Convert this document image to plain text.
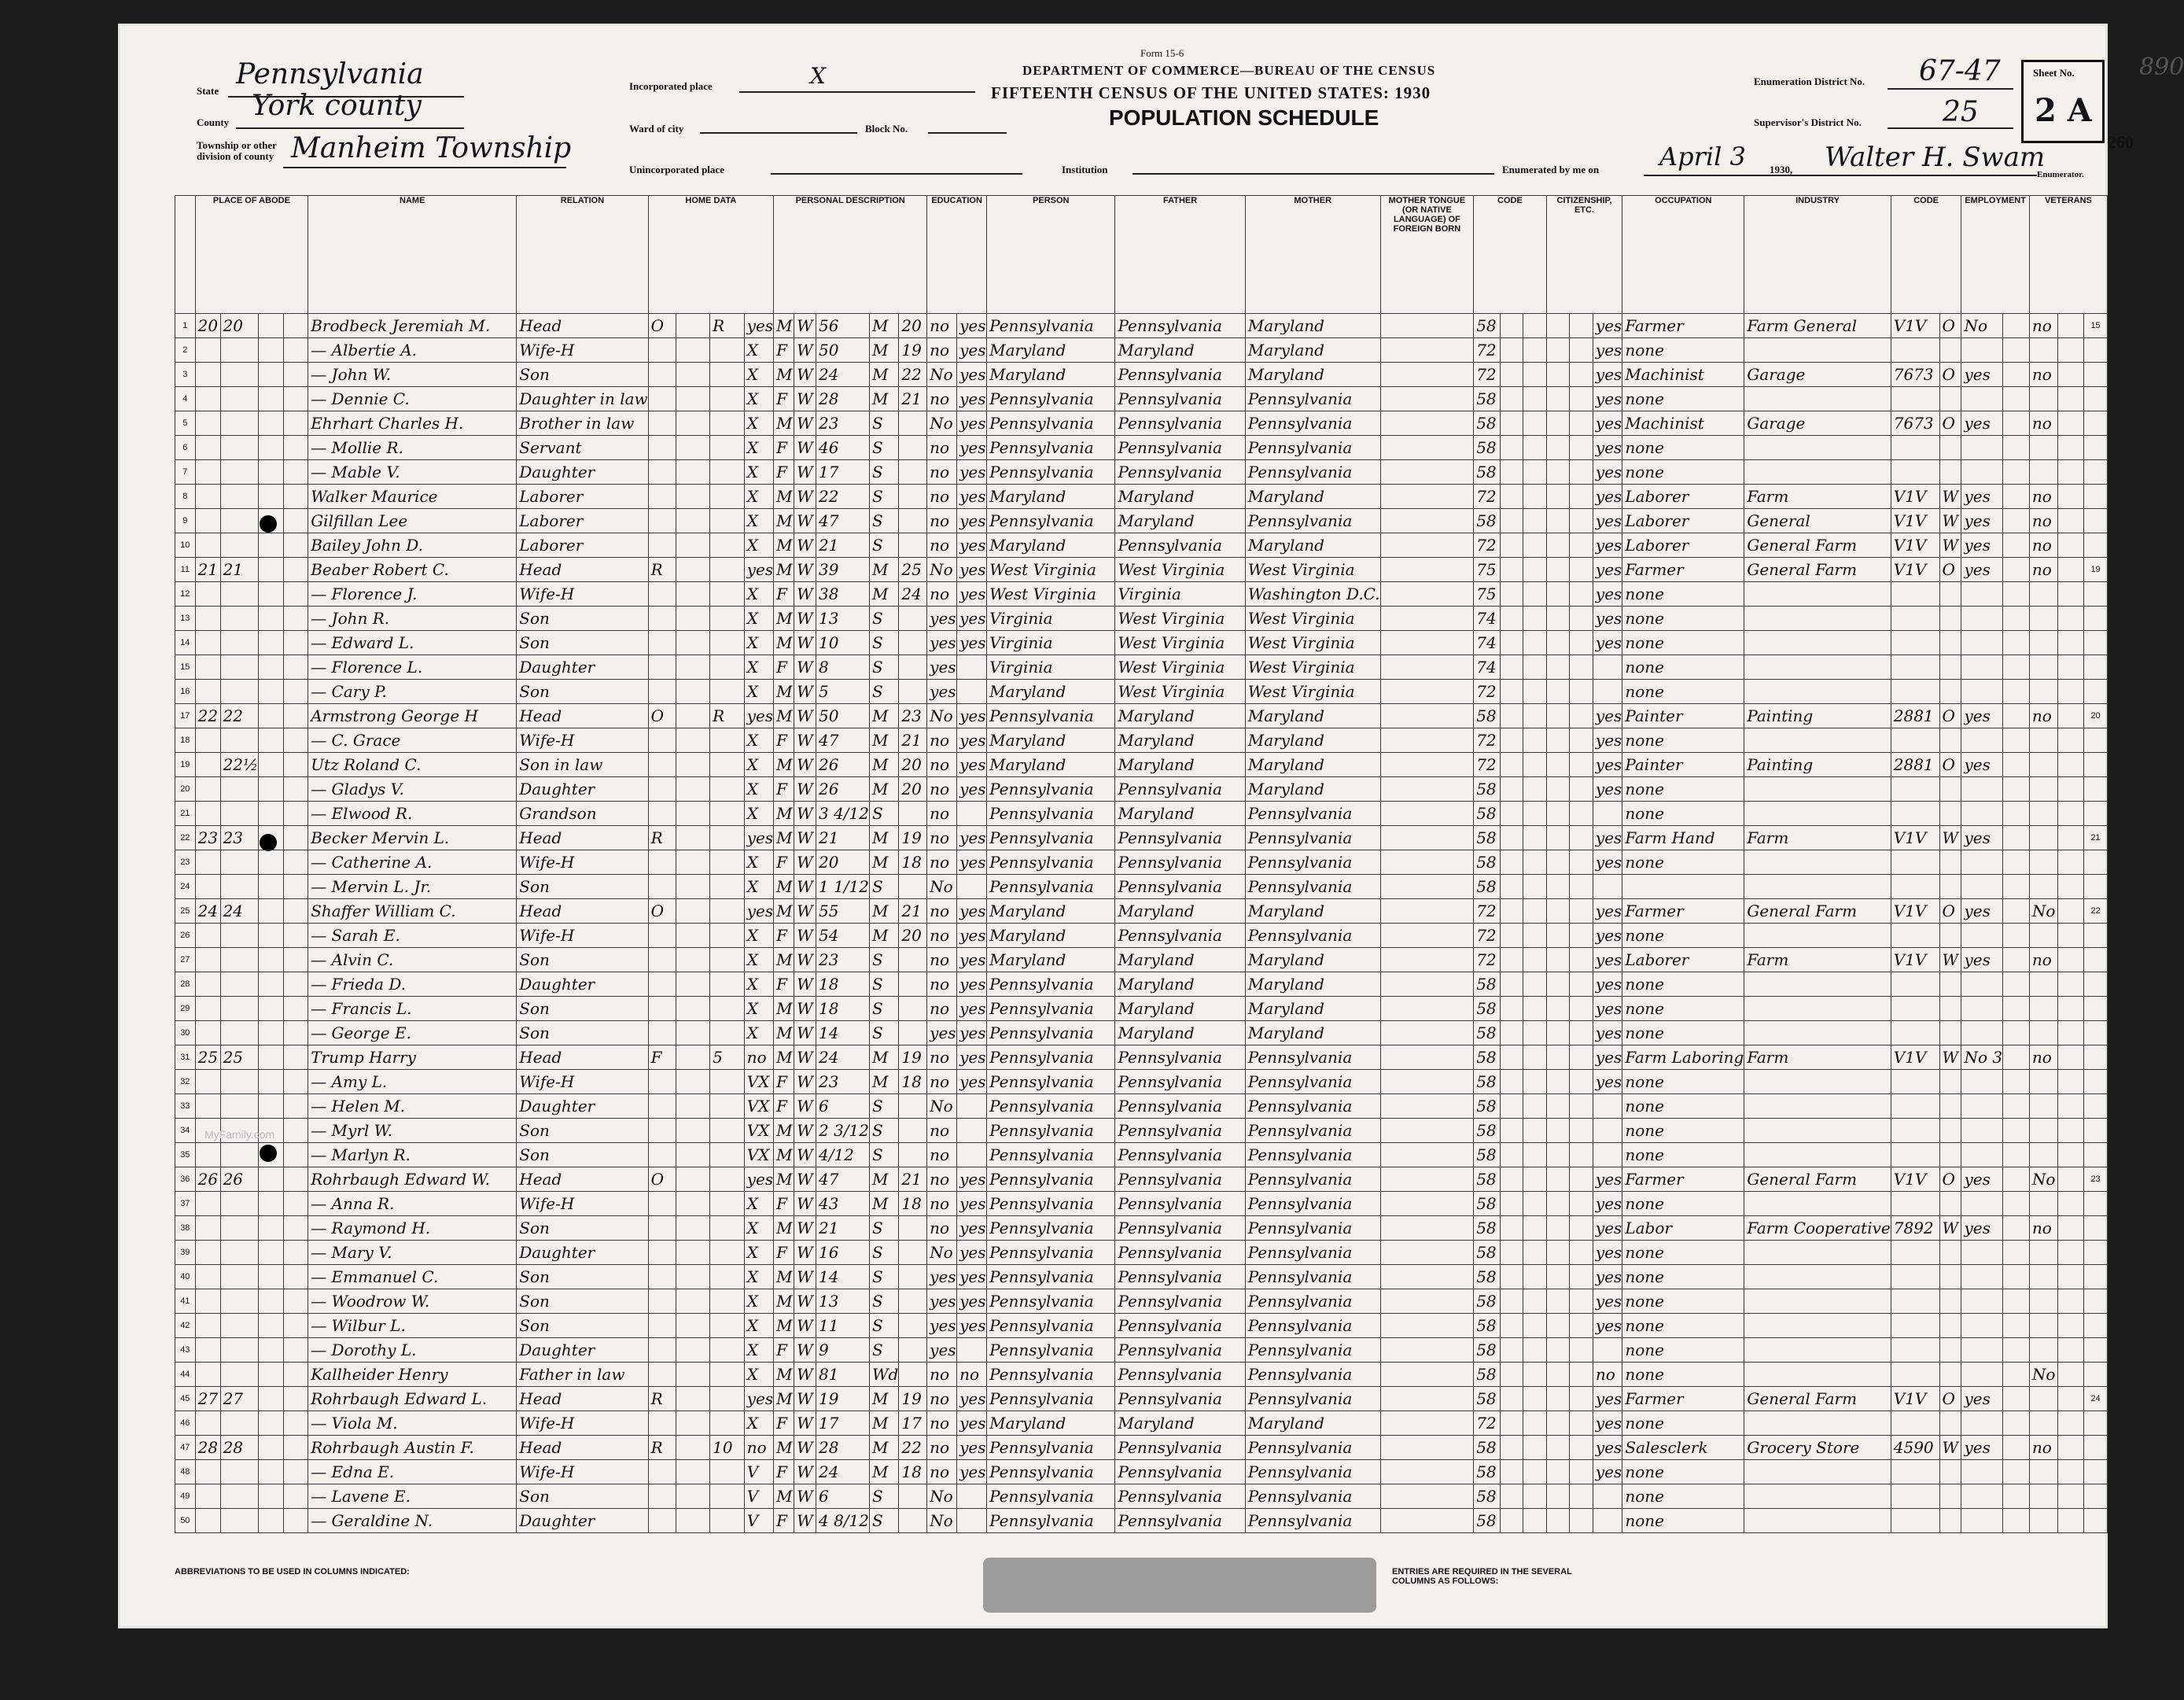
890
260
State
Pennsylvania
County
York county
Township or other division of county Manheim Township
Incorporated place	X
Ward of city	Block No.
Unincorporated place	Institution
Form 15-6
DEPARTMENT OF COMMERCE—BUREAU OF THE CENSUS
FIFTEENTH CENSUS OF THE UNITED STATES: 1930
POPULATION SCHEDULE
Enumeration District No. 67-47
Supervisor's District No.	25
Sheet No.
2 A
Enumerated by me on April 3 1930, Walter H. Swam
Enumerator.
	PLACE OF ABODE				NAME	RELATION	HOME DATA				PERSONAL DESCRIPTION					EDUCATION		PERSON	FATHER	MOTHER	MOTHER TONGUE (OR NATIVE LANGUAGE) OF FOREIGN BORN	CODE			CITIZENSHIP, ETC.			OCCUPATION	INDUSTRY	CODE		EMPLOYMENT		VETERANS		
1	20	20			Brodbeck Jeremiah M.	Head	O		R	yes	M	W	56	M	20	no	yes	Pennsylvania	Pennsylvania	Maryland		58					yes	Farmer	Farm General	V1V	O	No		no		15
2					— Albertie A.	Wife-H				X	F	W	50	M	19	no	yes	Maryland	Maryland	Maryland		72					yes	none								
3					— John W.	Son				X	M	W	24	M	22	No	yes	Maryland	Pennsylvania	Maryland		72					yes	Machinist	Garage	7673	O	yes		no		
4					— Dennie C.	Daughter in law				X	F	W	28	M	21	no	yes	Pennsylvania	Pennsylvania	Pennsylvania		58					yes	none								
5					Ehrhart Charles H.	Brother in law				X	M	W	23	S		No	yes	Pennsylvania	Pennsylvania	Pennsylvania		58					yes	Machinist	Garage	7673	O	yes		no		
6					— Mollie R.	Servant				X	F	W	46	S		no	yes	Pennsylvania	Pennsylvania	Pennsylvania		58					yes	none								
7					— Mable V.	Daughter				X	F	W	17	S		no	yes	Pennsylvania	Pennsylvania	Pennsylvania		58					yes	none								
8					Walker Maurice	Laborer				X	M	W	22	S		no	yes	Maryland	Maryland	Maryland		72					yes	Laborer	Farm	V1V	W	yes		no		
9					Gilfillan Lee	Laborer				X	M	W	47	S		no	yes	Pennsylvania	Maryland	Pennsylvania		58					yes	Laborer	General	V1V	W	yes		no		
10					Bailey John D.	Laborer				X	M	W	21	S		no	yes	Maryland	Pennsylvania	Maryland		72					yes	Laborer	General Farm	V1V	W	yes		no		
11	21	21			Beaber Robert C.	Head	R			yes	M	W	39	M	25	No	yes	West Virginia	West Virginia	West Virginia		75					yes	Farmer	General Farm	V1V	O	yes		no		19
12					— Florence J.	Wife-H				X	F	W	38	M	24	no	yes	West Virginia	Virginia	Washington D.C.		75					yes	none								
13					— John R.	Son				X	M	W	13	S		yes	yes	Virginia	West Virginia	West Virginia		74					yes	none								
14					— Edward L.	Son				X	M	W	10	S		yes	yes	Virginia	West Virginia	West Virginia		74					yes	none								
15					— Florence L.	Daughter				X	F	W	8	S		yes		Virginia	West Virginia	West Virginia		74						none								
16					— Cary P.	Son				X	M	W	5	S		yes		Maryland	West Virginia	West Virginia		72						none								
17	22	22			Armstrong George H	Head	O		R	yes	M	W	50	M	23	No	yes	Pennsylvania	Maryland	Maryland		58					yes	Painter	Painting	2881	O	yes		no		20
18					— C. Grace	Wife-H				X	F	W	47	M	21	no	yes	Maryland	Maryland	Maryland		72					yes	none								
19		22½			Utz Roland C.	Son in law				X	M	W	26	M	20	no	yes	Maryland	Maryland	Maryland		72					yes	Painter	Painting	2881	O	yes				
20					— Gladys V.	Daughter				X	F	W	26	M	20	no	yes	Pennsylvania	Pennsylvania	Maryland		58					yes	none								
21					— Elwood R.	Grandson				X	M	W	3 4/12	S		no		Pennsylvania	Maryland	Pennsylvania		58						none								
22	23	23			Becker Mervin L.	Head	R			yes	M	W	21	M	19	no	yes	Pennsylvania	Pennsylvania	Pennsylvania		58					yes	Farm Hand	Farm	V1V	W	yes				21
23					— Catherine A.	Wife-H				X	F	W	20	M	18	no	yes	Pennsylvania	Pennsylvania	Pennsylvania		58					yes	none								
24					— Mervin L. Jr.	Son				X	M	W	1 1/12	S		No		Pennsylvania	Pennsylvania	Pennsylvania		58														
25	24	24			Shaffer William C.	Head	O			yes	M	W	55	M	21	no	yes	Maryland	Maryland	Maryland		72					yes	Farmer	General Farm	V1V	O	yes		No		22
26					— Sarah E.	Wife-H				X	F	W	54	M	20	no	yes	Maryland	Pennsylvania	Pennsylvania		72					yes	none								
27					— Alvin C.	Son				X	M	W	23	S		no	yes	Maryland	Maryland	Maryland		72					yes	Laborer	Farm	V1V	W	yes		no		
28					— Frieda D.	Daughter				X	F	W	18	S		no	yes	Pennsylvania	Maryland	Maryland		58					yes	none								
29					— Francis L.	Son				X	M	W	18	S		no	yes	Pennsylvania	Maryland	Maryland		58					yes	none								
30					— George E.	Son				X	M	W	14	S		yes	yes	Pennsylvania	Maryland	Maryland		58					yes	none								
31	25	25			Trump Harry	Head	F		5	no	M	W	24	M	19	no	yes	Pennsylvania	Pennsylvania	Pennsylvania		58					yes	Farm Laboring	Farm	V1V	W	No 3		no		
32					— Amy L.	Wife-H				VX	F	W	23	M	18	no	yes	Pennsylvania	Pennsylvania	Pennsylvania		58					yes	none								
33					— Helen M.	Daughter				VX	F	W	6	S		No		Pennsylvania	Pennsylvania	Pennsylvania		58						none								
34					— Myrl W.	Son				VX	M	W	2 3/12	S		no		Pennsylvania	Pennsylvania	Pennsylvania		58						none								
35					— Marlyn R.	Son				VX	M	W	4/12	S		no		Pennsylvania	Pennsylvania	Pennsylvania		58						none								
36	26	26			Rohrbaugh Edward W.	Head	O			yes	M	W	47	M	21	no	yes	Pennsylvania	Pennsylvania	Pennsylvania		58					yes	Farmer	General Farm	V1V	O	yes		No		23
37					— Anna R.	Wife-H				X	F	W	43	M	18	no	yes	Pennsylvania	Pennsylvania	Pennsylvania		58					yes	none								
38					— Raymond H.	Son				X	M	W	21	S		no	yes	Pennsylvania	Pennsylvania	Pennsylvania		58					yes	Labor	Farm Cooperative	7892	W	yes		no		
39					— Mary V.	Daughter				X	F	W	16	S		No	yes	Pennsylvania	Pennsylvania	Pennsylvania		58					yes	none								
40					— Emmanuel C.	Son				X	M	W	14	S		yes	yes	Pennsylvania	Pennsylvania	Pennsylvania		58					yes	none								
41					— Woodrow W.	Son				X	M	W	13	S		yes	yes	Pennsylvania	Pennsylvania	Pennsylvania		58					yes	none								
42					— Wilbur L.	Son				X	M	W	11	S		yes	yes	Pennsylvania	Pennsylvania	Pennsylvania		58					yes	none								
43					— Dorothy L.	Daughter				X	F	W	9	S		yes		Pennsylvania	Pennsylvania	Pennsylvania		58						none								
44					Kallheider Henry	Father in law				X	M	W	81	Wd		no	no	Pennsylvania	Pennsylvania	Pennsylvania		58					no	none						No		
45	27	27			Rohrbaugh Edward L.	Head	R			yes	M	W	19	M	19	no	yes	Pennsylvania	Pennsylvania	Pennsylvania		58					yes	Farmer	General Farm	V1V	O	yes				24
46					— Viola M.	Wife-H				X	F	W	17	M	17	no	yes	Maryland	Maryland	Maryland		72					yes	none								
47	28	28			Rohrbaugh Austin F.	Head	R		10	no	M	W	28	M	22	no	yes	Pennsylvania	Pennsylvania	Pennsylvania		58					yes	Salesclerk	Grocery Store	4590	W	yes		no		
48					— Edna E.	Wife-H				V	F	W	24	M	18	no	yes	Pennsylvania	Pennsylvania	Pennsylvania		58					yes	none								
49					— Lavene E.	Son				V	M	W	6	S		No		Pennsylvania	Pennsylvania	Pennsylvania		58						none								
50					— Geraldine N.	Daughter				V	F	W	4 8/12	S		No		Pennsylvania	Pennsylvania	Pennsylvania		58						none								
MyFamily.com
ABBREVIATIONS TO BE USED IN COLUMNS INDICATED:	ENTRIES ARE REQUIRED IN THE SEVERAL COLUMNS AS FOLLOWS:
